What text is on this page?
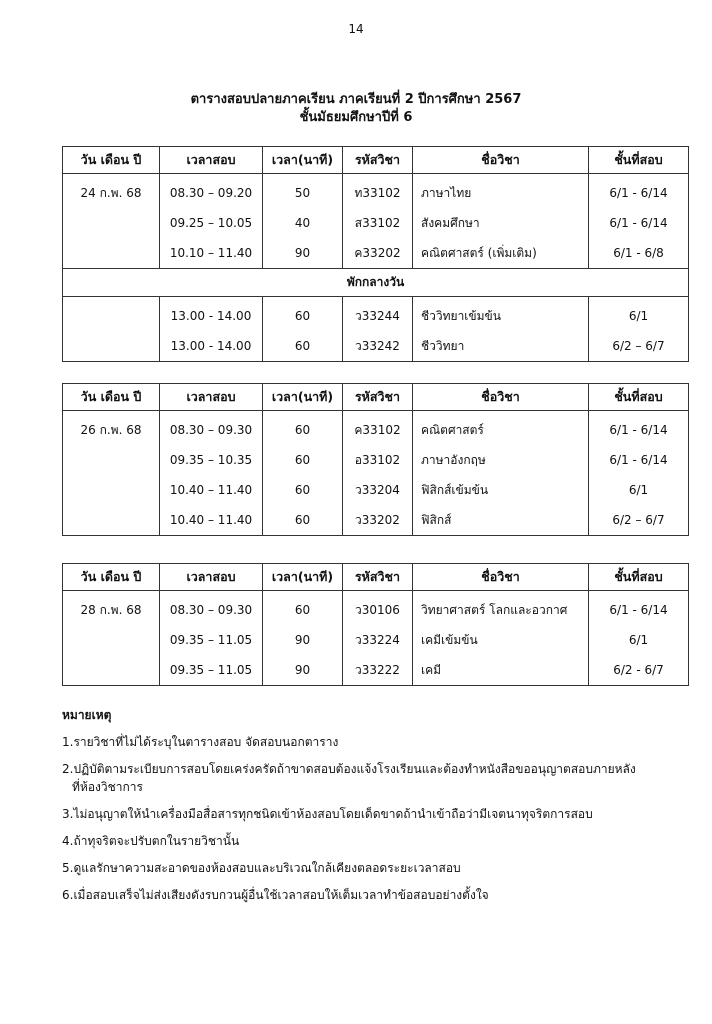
14
ตารางสอบปลายภาคเรียน ภาคเรียนที่ 2 ปีการศึกษา 2567
ชั้นมัธยมศึกษาปีที่ 6
วัน เดือน ปี	เวลาสอบ	เวลา(นาที)	รหัสวิชา	ชื่อวิชา	ชั้นที่สอบ
24 ก.พ. 68	08.30 – 09.20	50	ท33102	ภาษาไทย	6/1 - 6/14
	09.25 – 10.05	40	ส33102	สังคมศึกษา	6/1 - 6/14
	10.10 – 11.40	90	ค33202	คณิตศาสตร์ (เพิ่มเติม)	6/1 - 6/8
พักกลางวัน					
	13.00 - 14.00	60	ว33244	ชีววิทยาเข้มข้น	6/1
	13.00 - 14.00	60	ว33242	ชีววิทยา	6/2 – 6/7
วัน เดือน ปี	เวลาสอบ	เวลา(นาที)	รหัสวิชา	ชื่อวิชา	ชั้นที่สอบ
26 ก.พ. 68	08.30 – 09.30	60	ค33102	คณิตศาสตร์	6/1 - 6/14
	09.35 – 10.35	60	อ33102	ภาษาอังกฤษ	6/1 - 6/14
	10.40 – 11.40	60	ว33204	ฟิสิกส์เข้มข้น	6/1
	10.40 – 11.40	60	ว33202	ฟิสิกส์	6/2 – 6/7
วัน เดือน ปี	เวลาสอบ	เวลา(นาที)	รหัสวิชา	ชื่อวิชา	ชั้นที่สอบ
28 ก.พ. 68	08.30 – 09.30	60	ว30106	วิทยาศาสตร์ โลกและอวกาศ	6/1 - 6/14
	09.35 – 11.05	90	ว33224	เคมีเข้มข้น	6/1
	09.35 – 11.05	90	ว33222	เคมี	6/2 - 6/7
หมายเหตุ
1.รายวิชาที่ไม่ได้ระบุในตารางสอบ จัดสอบนอกตาราง
2.ปฏิบัติตามระเบียบการสอบโดยเคร่งครัดถ้าขาดสอบต้องแจ้งโรงเรียนและต้องทำหนังสือขออนุญาตสอบภายหลัง
ที่ห้องวิชาการ
3.ไม่อนุญาตให้นำเครื่องมือสื่อสารทุกชนิดเข้าห้องสอบโดยเด็ดขาดถ้านำเข้าถือว่ามีเจตนาทุจริตการสอบ
4.ถ้าทุจริตจะปรับตกในรายวิชานั้น
5.ดูแลรักษาความสะอาดของห้องสอบและบริเวณใกล้เคียงตลอดระยะเวลาสอบ
6.เมื่อสอบเสร็จไม่ส่งเสียงดังรบกวนผู้อื่นใช้เวลาสอบให้เต็มเวลาทำข้อสอบอย่างตั้งใจ
